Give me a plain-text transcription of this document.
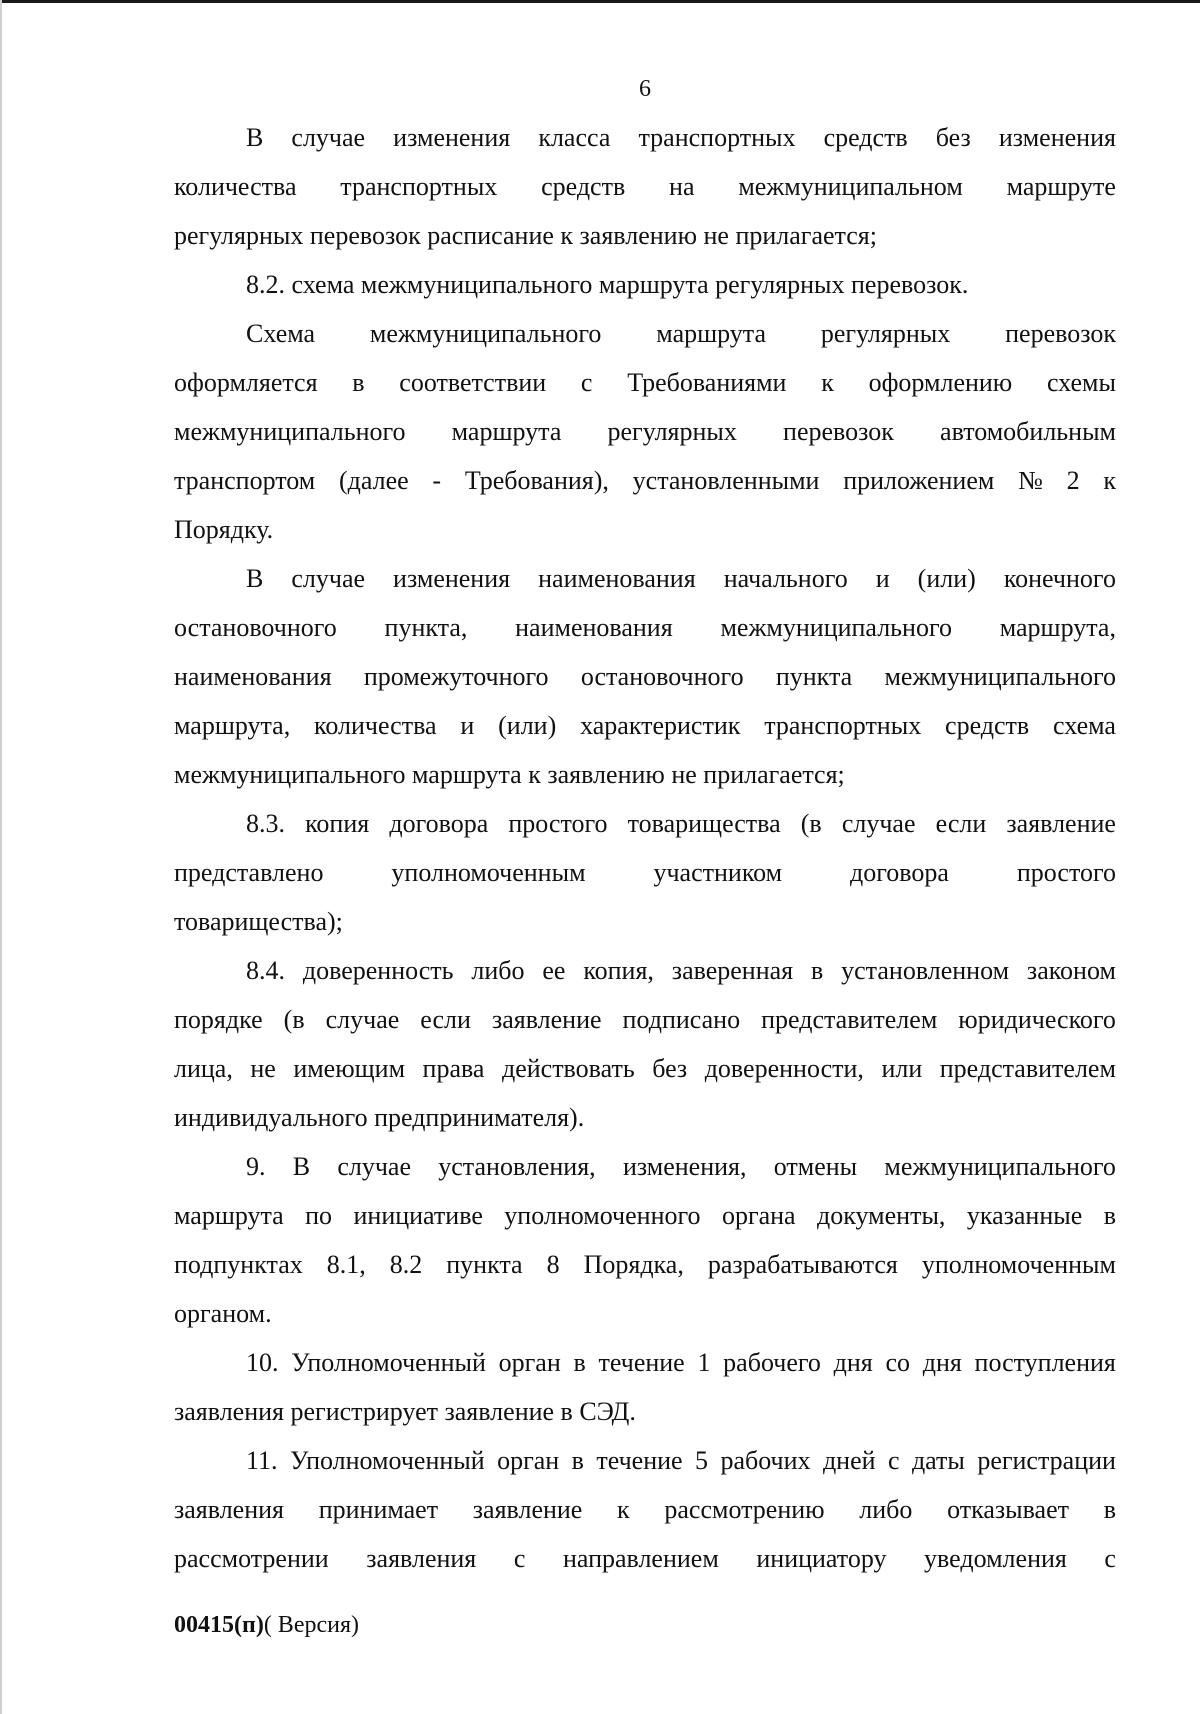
6
В случае изменения класса транспортных средств без изменения
количества транспортных средств на межмуниципальном маршруте
регулярных перевозок расписание к заявлению не прилагается;
8.2. схема межмуниципального маршрута регулярных перевозок.
Схема межмуниципального маршрута регулярных перевозок
оформляется в соответствии с Требованиями к оформлению схемы
межмуниципального маршрута регулярных перевозок автомобильным
транспортом (далее - Требования), установленными приложением № 2 к
Порядку.
В случае изменения наименования начального и (или) конечного
остановочного пункта, наименования межмуниципального маршрута,
наименования промежуточного остановочного пункта межмуниципального
маршрута, количества и (или) характеристик транспортных средств схема
межмуниципального маршрута к заявлению не прилагается;
8.3. копия договора простого товарищества (в случае если заявление
представлено	уполномоченным	участником	договора	простого
товарищества);
8.4. доверенность либо ее копия, заверенная в установленном законом
порядке (в случае если заявление подписано представителем юридического
лица, не имеющим права действовать без доверенности, или представителем
индивидуального предпринимателя).
9. В случае установления, изменения, отмены межмуниципального
маршрута по инициативе уполномоченного органа документы, указанные в
подпунктах 8.1, 8.2 пункта 8 Порядка, разрабатываются уполномоченным
органом.
10. Уполномоченный орган в течение 1 рабочего дня со дня поступления
заявления регистрирует заявление в СЭД.
11. Уполномоченный орган в течение 5 рабочих дней с даты регистрации
заявления принимает заявление к рассмотрению либо отказывает в
рассмотрении заявления с направлением инициатору уведомления с
00415(п)( Версия)
